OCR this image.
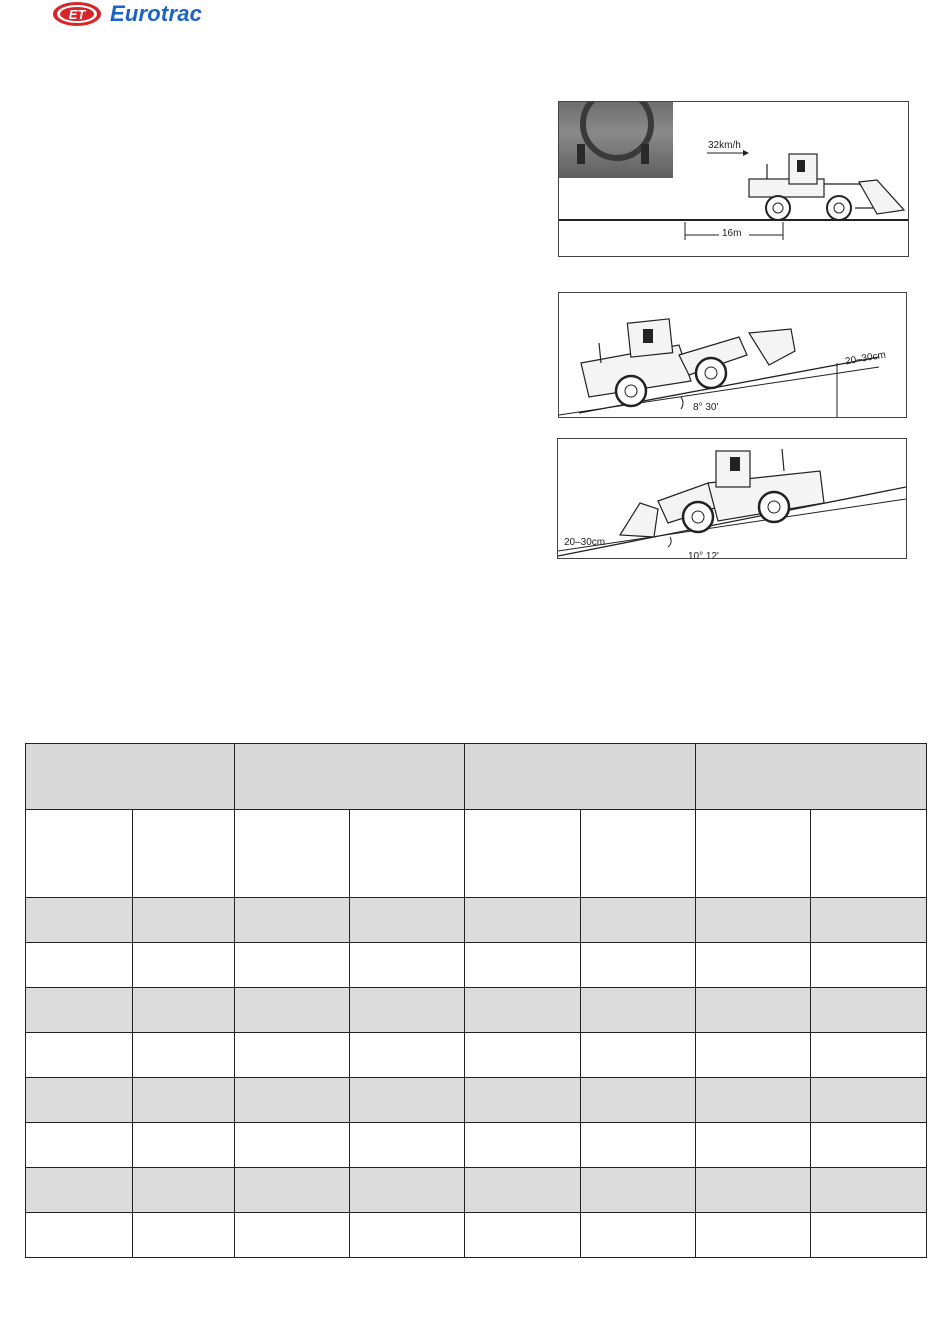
ET Eurotrac
32km/h
16m
20–30cm
8° 30'
20–30cm
10° 12'
